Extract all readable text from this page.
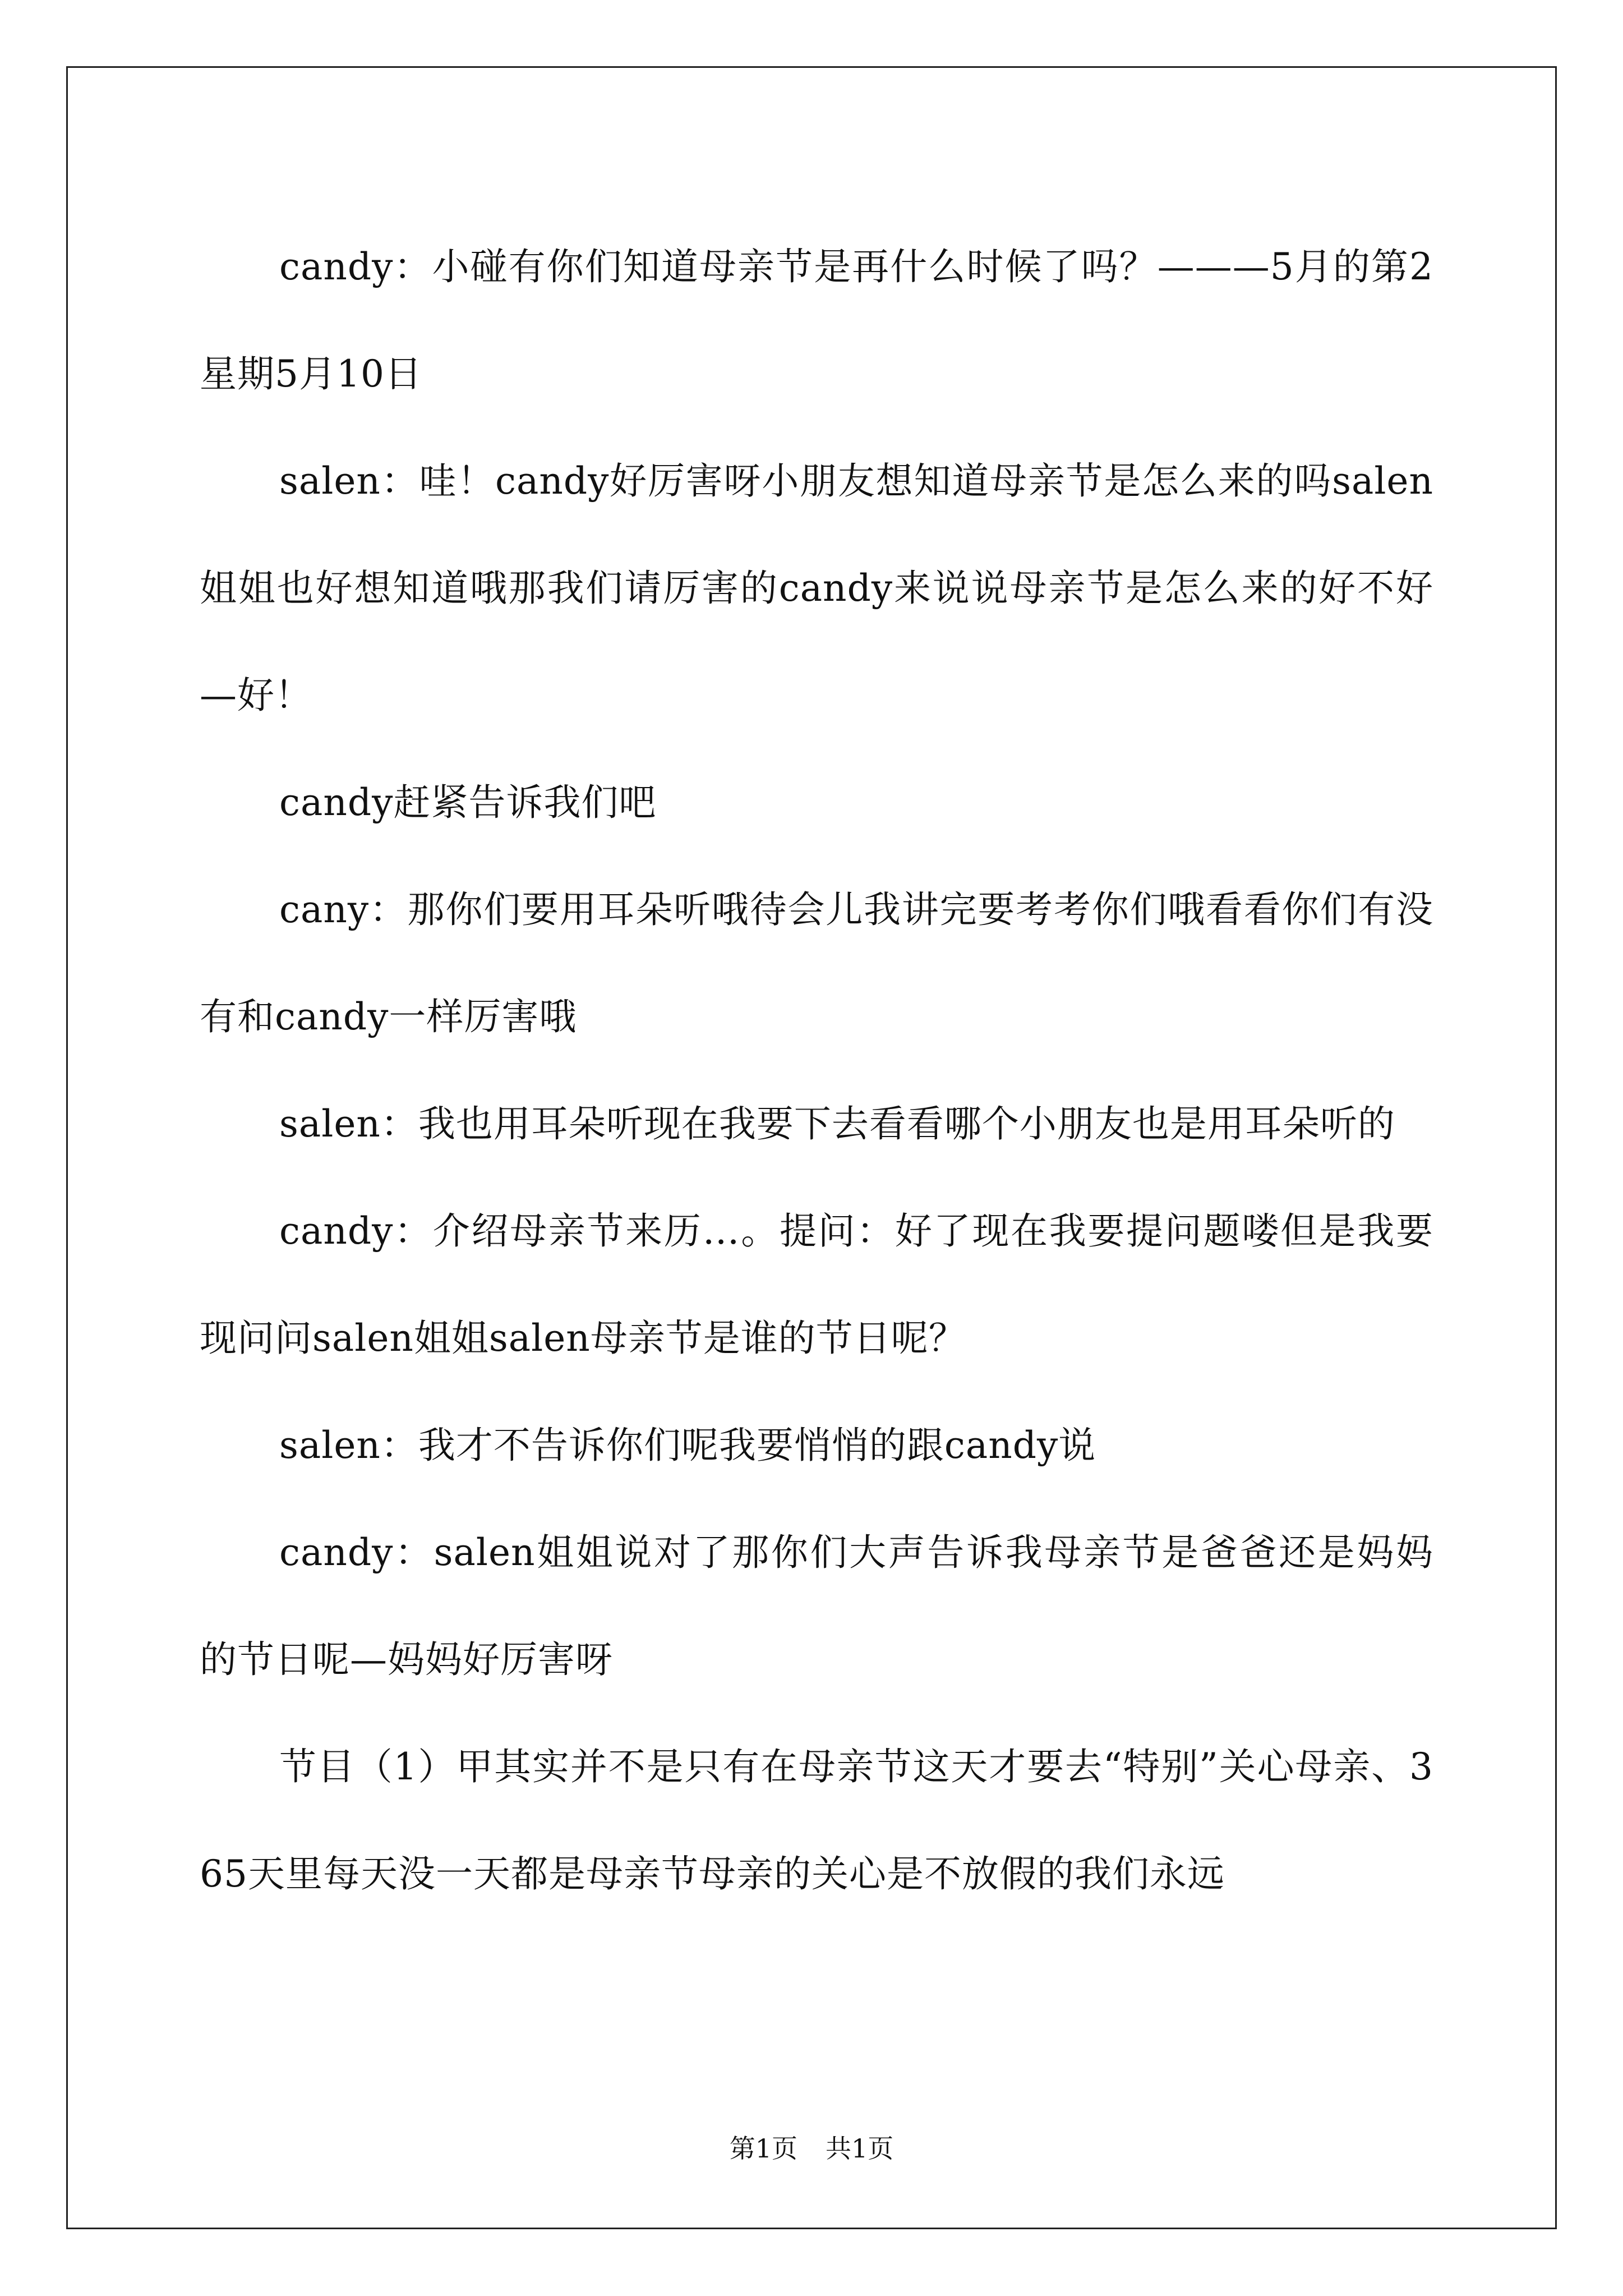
candy：小碰有你们知道母亲节是再什么时候了吗？———5月的第2星期5月10日

salen：哇！candy好厉害呀小朋友想知道母亲节是怎么来的吗salen姐姐也好想知道哦那我们请厉害的candy来说说母亲节是怎么来的好不好—好！

candy赶紧告诉我们吧

cany：那你们要用耳朵听哦待会儿我讲完要考考你们哦看看你们有没有和candy一样厉害哦

salen：我也用耳朵听现在我要下去看看哪个小朋友也是用耳朵听的

candy：介绍母亲节来历…。提问：好了现在我要提问题喽但是我要现问问salen姐姐salen母亲节是谁的节日呢？

salen：我才不告诉你们呢我要悄悄的跟candy说

candy：salen姐姐说对了那你们大声告诉我母亲节是爸爸还是妈妈的节日呢—妈妈好厉害呀

节目（1）甲其实并不是只有在母亲节这天才要去“特别”关心母亲、365天里每天没一天都是母亲节母亲的关心是不放假的我们永远

第1页 共1页
